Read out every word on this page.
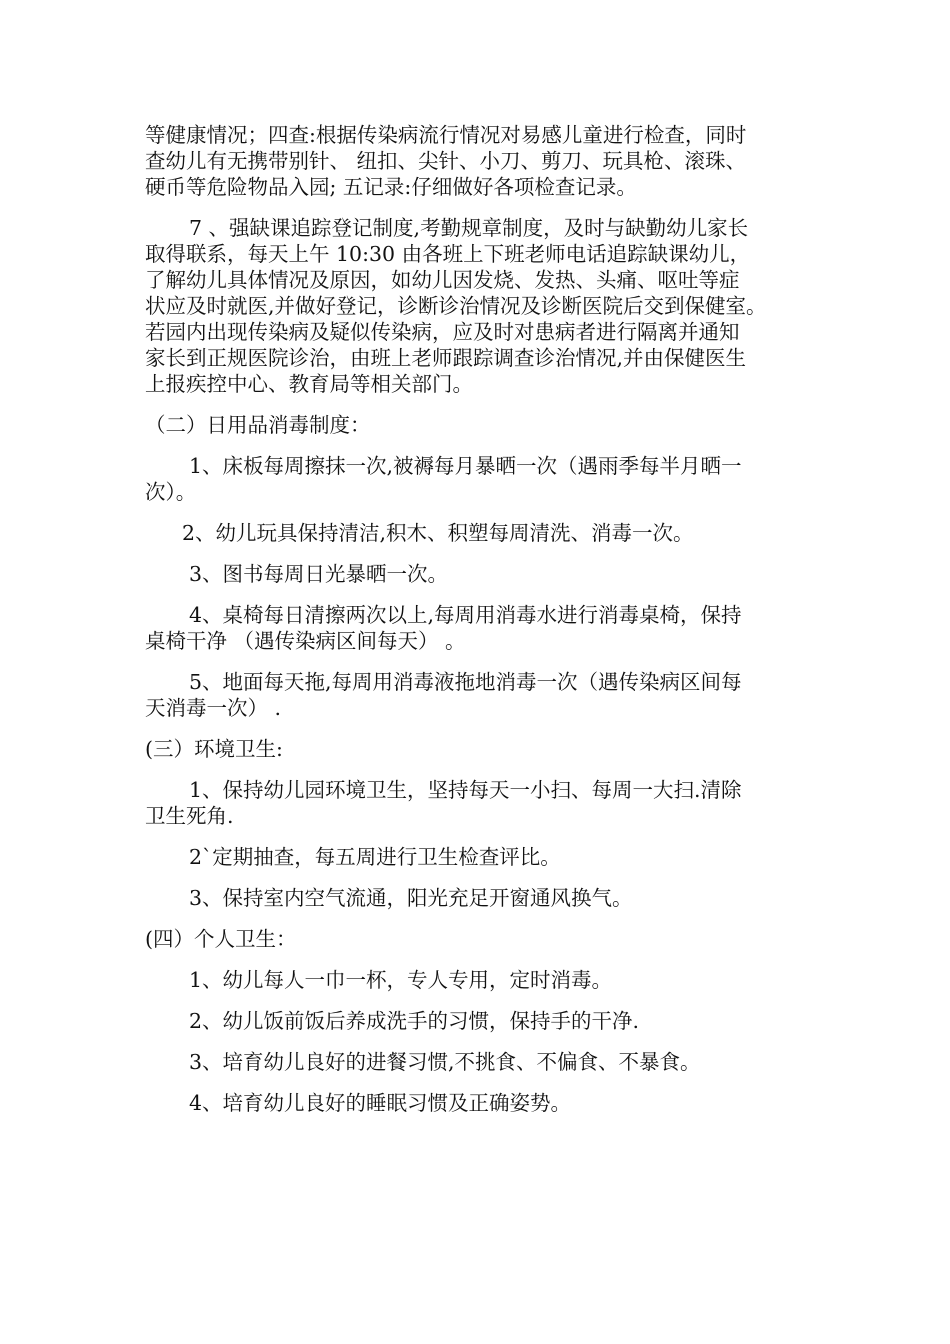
等健康情况；四查:根据传染病流行情况对易感儿童进行检查，同时
查幼儿有无携带别针、 纽扣、尖针、小刀、剪刀、玩具枪、滚珠、
硬币等危险物品入园; 五记录:仔细做好各项检查记录。

7 、强缺课追踪登记制度,考勤规章制度，及时与缺勤幼儿家长
取得联系，每天上午 10:30 由各班上下班老师电话追踪缺课幼儿，
了解幼儿具体情况及原因，如幼儿因发烧、发热、头痛、呕吐等症
状应及时就医,并做好登记，诊断诊治情况及诊断医院后交到保健室。
若园内出现传染病及疑似传染病，应及时对患病者进行隔离并通知
家长到正规医院诊治，由班上老师跟踪调查诊治情况,并由保健医生
上报疾控中心、教育局等相关部门。

（二）日用品消毒制度：

1、床板每周擦抹一次,被褥每月暴晒一次（遇雨季每半月晒一
次）。

2、幼儿玩具保持清洁,积木、积塑每周清洗、消毒一次。

3、图书每周日光暴晒一次。

4、桌椅每日清擦两次以上,每周用消毒水进行消毒桌椅，保持
桌椅干净 （遇传染病区间每天） 。

5、地面每天拖,每周用消毒液拖地消毒一次（遇传染病区间每
天消毒一次） .

(三）环境卫生:

1、保持幼儿园环境卫生，坚持每天一小扫、每周一大扫.清除
卫生死角.

2`定期抽查，每五周进行卫生检查评比。

3、保持室内空气流通，阳光充足开窗通风换气。

(四）个人卫生：

1、幼儿每人一巾一杯，专人专用，定时消毒。

2、幼儿饭前饭后养成洗手的习惯，保持手的干净.

3、培育幼儿良好的进餐习惯,不挑食、不偏食、不暴食。

4、培育幼儿良好的睡眠习惯及正确姿势。
